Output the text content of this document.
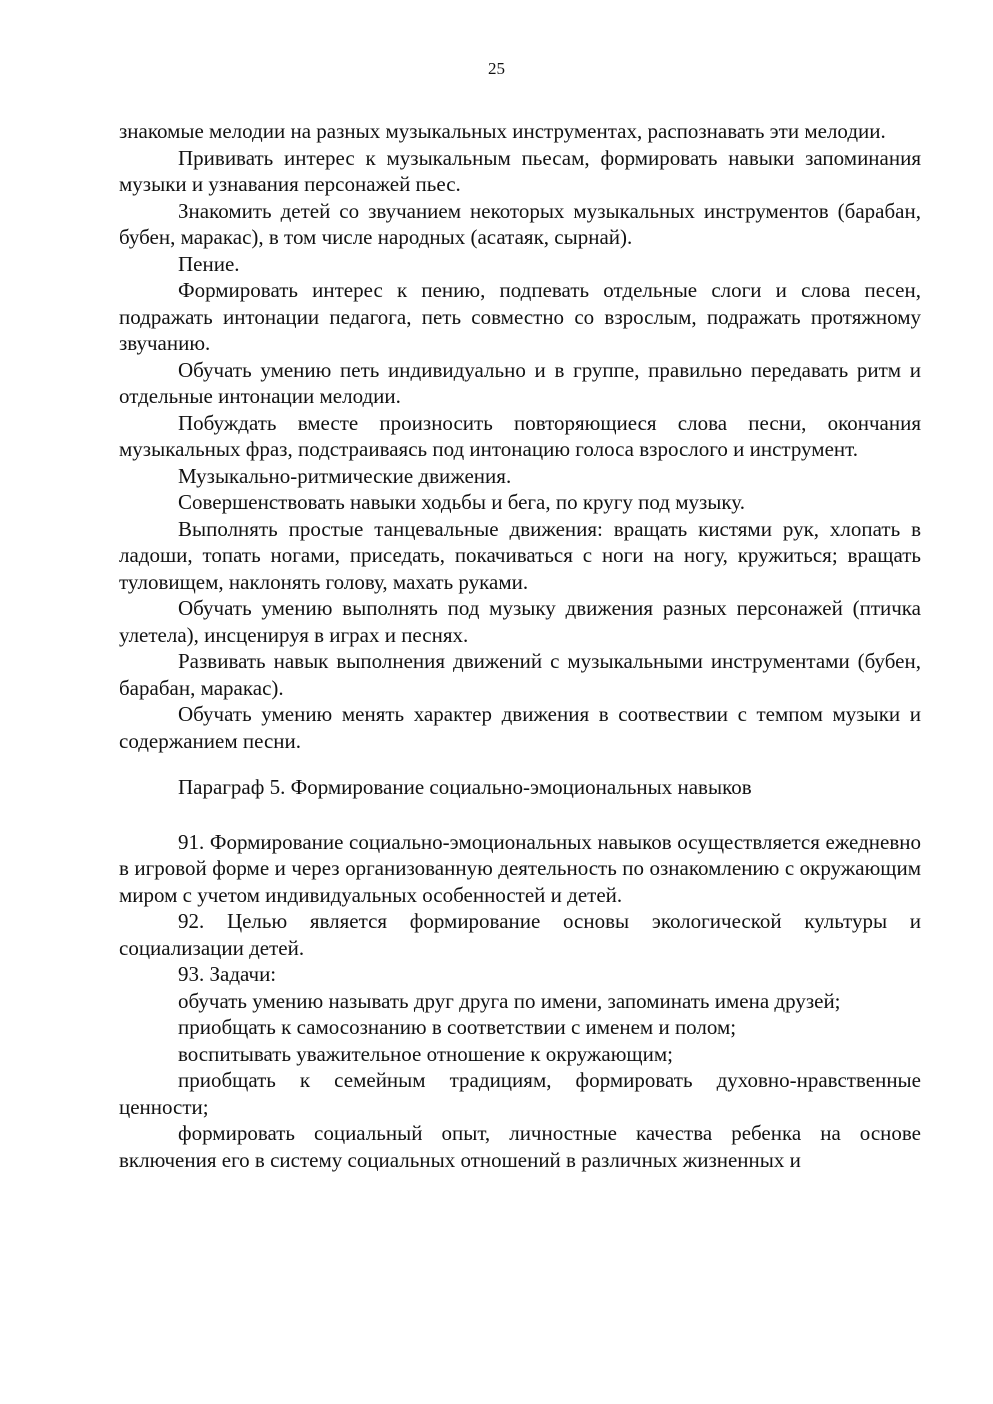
25

знакомые мелодии на разных музыкальных инструментах, распознавать эти мелодии.

Прививать интерес к музыкальным пьесам, формировать навыки запоминания музыки и узнавания персонажей пьес.

Знакомить детей со звучанием некоторых музыкальных инструментов (барабан, бубен, маракас), в том числе народных (асатаяк, сырнай).

Пение.

Формировать интерес к пению, подпевать отдельные слоги и слова песен, подражать интонации педагога, петь совместно со взрослым, подражать протяжному звучанию.

Обучать умению петь индивидуально и в группе, правильно передавать ритм и отдельные интонации мелодии.

Побуждать вместе произносить повторяющиеся слова песни, окончания музыкальных фраз, подстраиваясь под интонацию голоса взрослого и инструмент.

Музыкально-ритмические движения.

Совершенствовать навыки ходьбы и бега, по кругу под музыку.

Выполнять простые танцевальные движения: вращать кистями рук, хлопать в ладоши, топать ногами, приседать, покачиваться с ноги на ногу, кружиться; вращать туловищем, наклонять голову, махать руками.

Обучать умению выполнять под музыку движения разных персонажей (птичка улетела), инсценируя в играх и песнях.

Развивать навык выполнения движений с музыкальными инструментами (бубен, барабан, маракас).

Обучать умению менять характер движения в соотвествии с темпом музыки и содержанием песни.

Параграф 5. Формирование социально-эмоциональных навыков

91. Формирование социально-эмоциональных навыков осуществляется ежедневно в игровой форме и через организованную деятельность по ознакомлению с окружающим миром с учетом индивидуальных особенностей и детей.

92. Целью является формирование основы экологической культуры и социализации детей.

93. Задачи:

обучать умению называть друг друга по имени, запоминать имена друзей;

приобщать к самосознанию в соответствии с именем и полом;

воспитывать уважительное отношение к окружающим;

приобщать к семейным традициям, формировать духовно-нравственные ценности;

формировать социальный опыт, личностные качества ребенка на основе включения его в систему социальных отношений в различных жизненных и
